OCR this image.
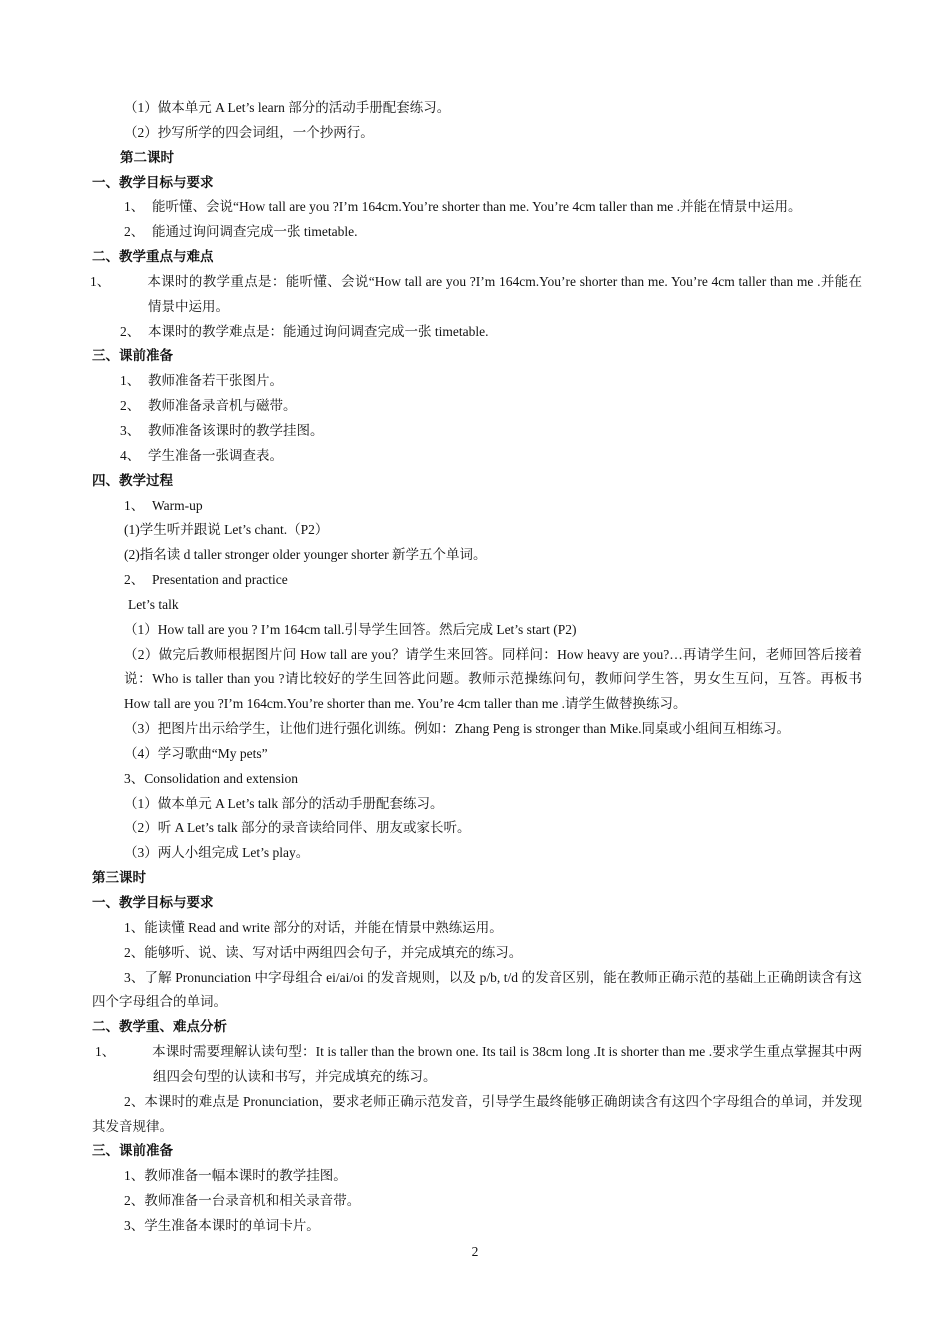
（1）做本单元 A Let’s learn 部分的活动手册配套练习。
（2）抄写所学的四会词组，一个抄两行。
第二课时
一、教学目标与要求
1、 能听懂、会说“How tall are you ?I’m 164cm.You’re shorter than me. You’re 4cm taller than me .并能在情景中运用。
2、 能通过询问调查完成一张 timetable.
二、教学重点与难点
1、	本课时的教学重点是：能听懂、会说“How tall are you ?I’m 164cm.You’re shorter than me. You’re 4cm taller than me .并能在情景中运用。
2、 本课时的教学难点是：能通过询问调查完成一张 timetable.
三、课前准备
1、 教师准备若干张图片。
2、 教师准备录音机与磁带。
3、 教师准备该课时的教学挂图。
4、 学生准备一张调查表。
四、教学过程
1、 Warm-up
(1)学生听并跟说 Let’s chant.（P2）
(2)指名读 d taller stronger older younger shorter 新学五个单词。
2、 Presentation and practice
Let’s talk
（1）How tall are you ? I’m 164cm tall.引导学生回答。然后完成 Let’s start (P2)
（2）做完后教师根据图片问 How tall are you？请学生来回答。同样问：How heavy are you?…再请学生问，老师回答后接着说：Who is taller than you ?请比较好的学生回答此问题。教师示范操练问句，教师问学生答，男女生互问，互答。再板书 How tall are you ?I’m 164cm.You’re shorter than me. You’re 4cm taller than me .请学生做替换练习。
（3）把图片出示给学生，让他们进行强化训练。例如：Zhang Peng is stronger than Mike.同桌或小组间互相练习。
（4）学习歌曲“My pets”
3、Consolidation and extension
（1）做本单元 A Let’s talk 部分的活动手册配套练习。
（2）听 A Let’s talk 部分的录音读给同伴、朋友或家长听。
（3）两人小组完成 Let’s play。
第三课时
一、教学目标与要求
1、能读懂 Read and write 部分的对话，并能在情景中熟练运用。
2、能够听、说、读、写对话中两组四会句子，并完成填充的练习。
3、了解 Pronunciation 中字母组合 ei/ai/oi 的发音规则，以及 p/b, t/d 的发音区别，能在教师正确示范的基础上正确朗读含有这四个字母组合的单词。
二、教学重、难点分析
1、	本课时需要理解认读句型：It is taller than the brown one. Its tail is 38cm long .It is shorter than me .要求学生重点掌握其中两组四会句型的认读和书写，并完成填充的练习。
2、本课时的难点是 Pronunciation，要求老师正确示范发音，引导学生最终能够正确朗读含有这四个字母组合的单词，并发现其发音规律。
三、课前准备
1、教师准备一幅本课时的教学挂图。
2、教师准备一台录音机和相关录音带。
3、学生准备本课时的单词卡片。
2
